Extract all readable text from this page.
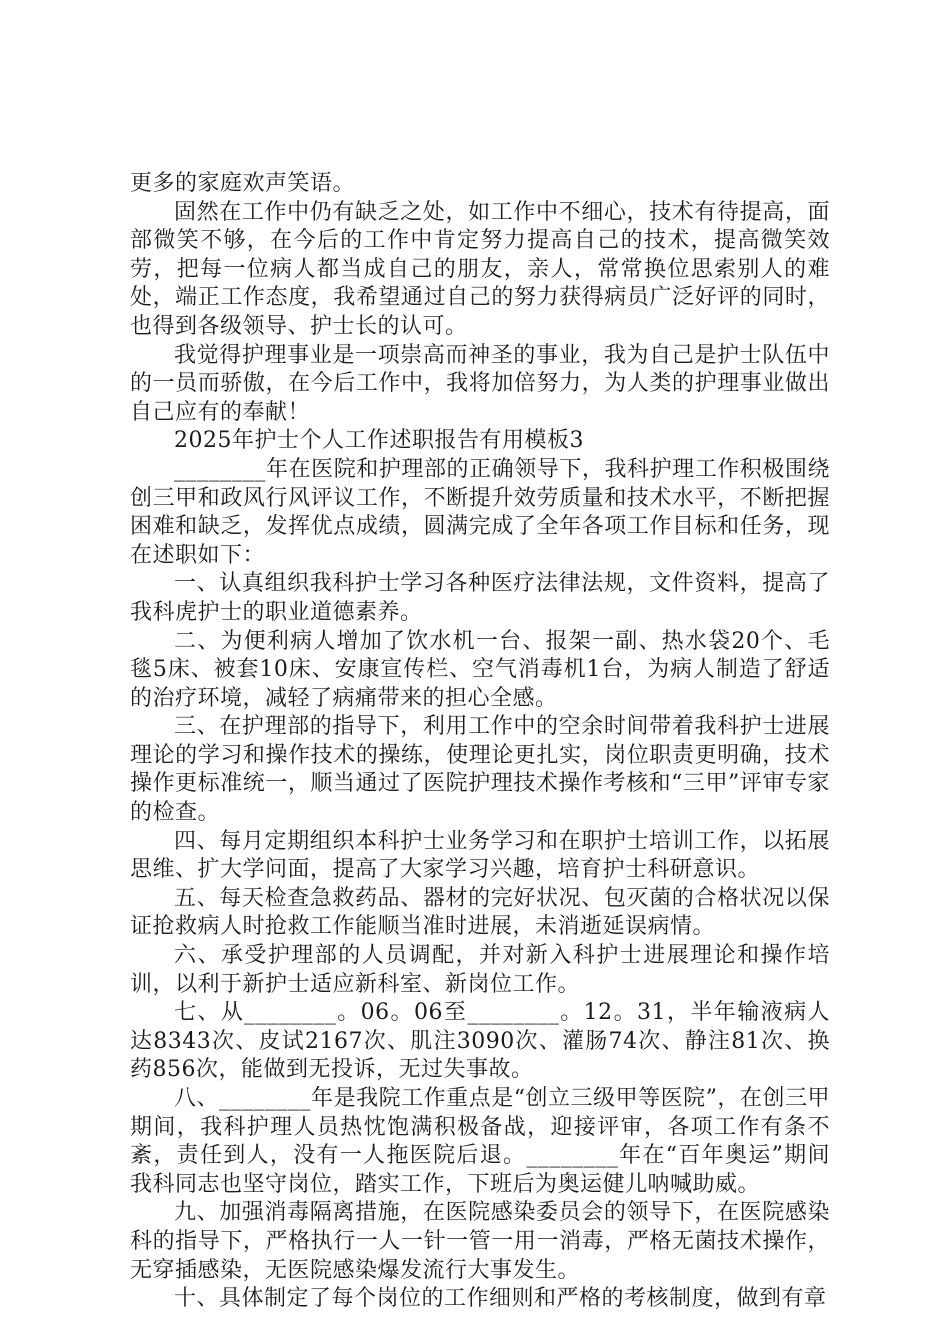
更多的家庭欢声笑语。

固然在工作中仍有缺乏之处，如工作中不细心，技术有待提高，面部微笑不够，在今后的工作中肯定努力提高自己的技术，提高微笑效劳，把每一位病人都当成自己的朋友，亲人，常常换位思索别人的难处，端正工作态度，我希望通过自己的努力获得病员广泛好评的同时，也得到各级领导、护士长的认可。

我觉得护理事业是一项崇高而神圣的事业，我为自己是护士队伍中的一员而骄傲，在今后工作中，我将加倍努力，为人类的护理事业做出自己应有的奉献！

2025年护士个人工作述职报告有用模板3

________年在医院和护理部的正确领导下，我科护理工作积极围绕创三甲和政风行风评议工作，不断提升效劳质量和技术水平，不断把握困难和缺乏，发挥优点成绩，圆满完成了全年各项工作目标和任务，现在述职如下：

一、认真组织我科护士学习各种医疗法律法规，文件资料，提高了我科虎护士的职业道德素养。

二、为便利病人增加了饮水机一台、报架一副、热水袋20个、毛毯5床、被套10床、安康宣传栏、空气消毒机1台，为病人制造了舒适的治疗环境，减轻了病痛带来的担心全感。

三、在护理部的指导下，利用工作中的空余时间带着我科护士进展理论的学习和操作技术的操练，使理论更扎实，岗位职责更明确，技术操作更标准统一，顺当通过了医院护理技术操作考核和“三甲”评审专家的检查。

四、每月定期组织本科护士业务学习和在职护士培训工作，以拓展思维、扩大学问面，提高了大家学习兴趣，培育护士科研意识。

五、每天检查急救药品、器材的完好状况、包灭菌的合格状况以保证抢救病人时抢救工作能顺当准时进展，未消逝延误病情。

六、承受护理部的人员调配，并对新入科护士进展理论和操作培训，以利于新护士适应新科室、新岗位工作。

七、从________。06。06至________。12。31，半年输液病人达8343次、皮试2167次、肌注3090次、灌肠74次、静注81次、换药856次，能做到无投诉，无过失事故。

八、________年是我院工作重点是“创立三级甲等医院”，在创三甲期间，我科护理人员热忱饱满积极备战，迎接评审，各项工作有条不紊，责任到人，没有一人拖医院后退。________年在“百年奥运”期间我科同志也坚守岗位，踏实工作，下班后为奥运健儿呐喊助威。

九、加强消毒隔离措施，在医院感染委员会的领导下，在医院感染科的指导下，严格执行一人一针一管一用一消毒，严格无菌技术操作，无穿插感染，无医院感染爆发流行大事发生。

十、具体制定了每个岗位的工作细则和严格的考核制度，做到有章
